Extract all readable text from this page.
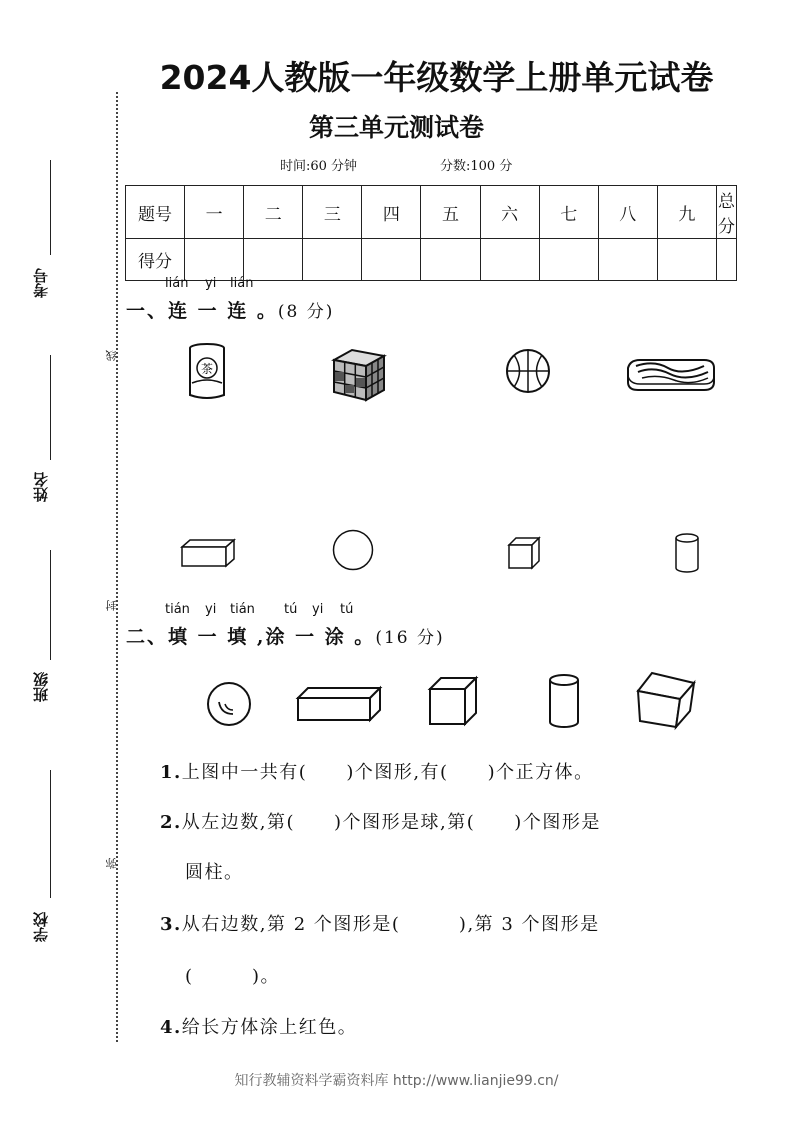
2024人教版一年级数学上册单元试卷
第三单元测试卷
时间:60 分钟	分数:100 分
题号	一	二	三	四	五	六	七	八	九	总分
得分										
线
封
弥
考号
姓名
班级
学校
lián yi lián
一、连 一 连 。(8 分)
茶
tián yi tián tú yi tú
二、填 一 填 ,涂 一 涂 。(16 分)
1.上图中一共有(　　)个图形,有(　　)个正方体。
2.从左边数,第(　　)个图形是球,第(　　)个图形是
圆柱。
3.从右边数,第 2 个图形是(　　　),第 3 个图形是
(　　　)。
4.给长方体涂上红色。
知行教辅资料学霸资料库 http://www.lianjie99.cn/
